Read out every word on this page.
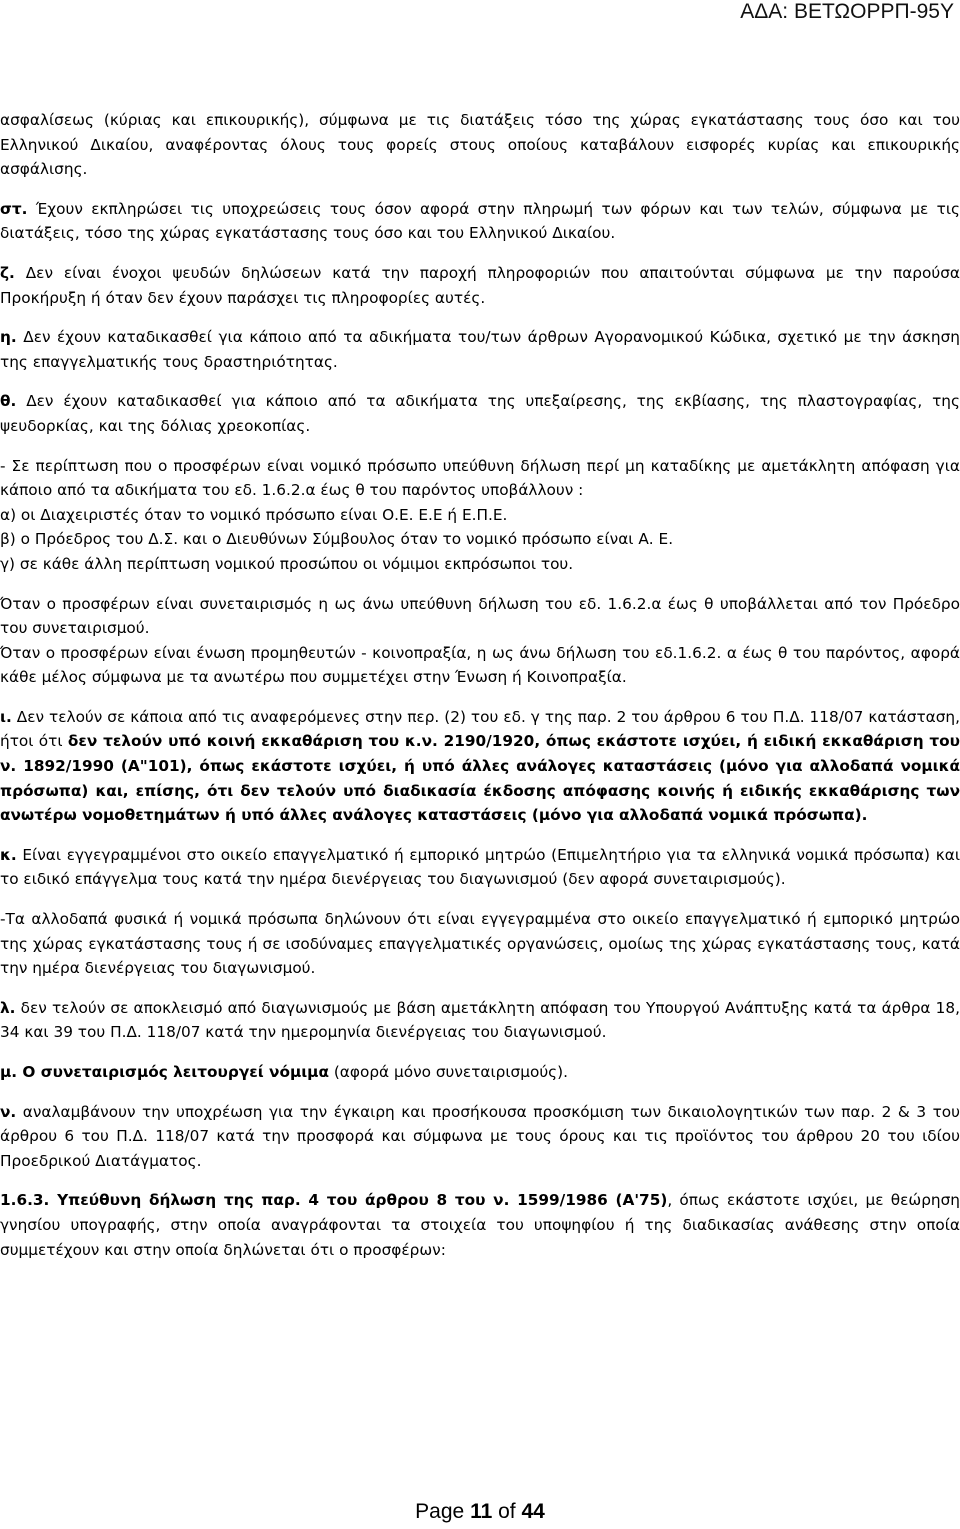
ΑΔΑ: ΒΕΤΩΟΡΡΠ-95Υ

ασφαλίσεως (κύριας και επικουρικής), σύμφωνα με τις διατάξεις τόσο της χώρας εγκατάστασης τους όσο και του Ελληνικού Δικαίου, αναφέροντας όλους τους φορείς στους οποίους καταβάλουν εισφορές κυρίας και επικουρικής ασφάλισης.

στ. Έχουν εκπληρώσει τις υποχρεώσεις τους όσον αφορά στην πληρωμή των φόρων και των τελών, σύμφωνα με τις διατάξεις, τόσο της χώρας εγκατάστασης τους όσο και του Ελληνικού Δικαίου.

ζ. Δεν είναι ένοχοι ψευδών δηλώσεων κατά την παροχή πληροφοριών που απαιτούνται σύμφωνα με την παρούσα Προκήρυξη ή όταν δεν έχουν παράσχει τις πληροφορίες αυτές.

η. Δεν έχουν καταδικασθεί για κάποιο από τα αδικήματα του/των άρθρων Αγορανομικού Κώδικα, σχετικό με την άσκηση της επαγγελματικής τους δραστηριότητας.

θ. Δεν έχουν καταδικασθεί για κάποιο από τα αδικήματα της υπεξαίρεσης, της εκβίασης, της πλαστογραφίας, της ψευδορκίας, και της δόλιας χρεοκοπίας.

- Σε περίπτωση που ο προσφέρων είναι νομικό πρόσωπο υπεύθυνη δήλωση περί μη καταδίκης με αμετάκλητη απόφαση για κάποιο από τα αδικήματα του εδ. 1.6.2.α έως θ του παρόντος υποβάλλουν :
α) οι Διαχειριστές όταν το νομικό πρόσωπο είναι Ο.Ε. Ε.Ε ή Ε.Π.Ε.
β) ο Πρόεδρος του Δ.Σ. και ο Διευθύνων Σύμβουλος όταν το νομικό πρόσωπο είναι Α. Ε.
γ) σε κάθε άλλη περίπτωση νομικού προσώπου οι νόμιμοι εκπρόσωποι του.
Όταν ο προσφέρων είναι συνεταιρισμός η ως άνω υπεύθυνη δήλωση του εδ. 1.6.2.α έως θ υποβάλλεται από τον Πρόεδρο του συνεταιρισμού.
Όταν ο προσφέρων είναι ένωση προμηθευτών - κοινοπραξία, η ως άνω δήλωση του εδ.1.6.2. α έως θ του παρόντος, αφορά κάθε μέλος σύμφωνα με τα ανωτέρω που συμμετέχει στην Ένωση ή Κοινοπραξία.

ι. Δεν τελούν σε κάποια από τις αναφερόμενες στην περ. (2) του εδ. γ της παρ. 2 του άρθρου 6 του Π.Δ. 118/07 κατάσταση, ήτοι ότι δεν τελούν υπό κοινή εκκαθάριση του κ.ν. 2190/1920, όπως εκάστοτε ισχύει, ή ειδική εκκαθάριση του ν. 1892/1990 (Α"101), όπως εκάστοτε ισχύει, ή υπό άλλες ανάλογες καταστάσεις (μόνο για αλλοδαπά νομικά πρόσωπα) και, επίσης, ότι δεν τελούν υπό διαδικασία έκδοσης απόφασης κοινής ή ειδικής εκκαθάρισης των ανωτέρω νομοθετημάτων ή υπό άλλες ανάλογες καταστάσεις (μόνο για αλλοδαπά νομικά πρόσωπα).

κ. Είναι εγγεγραμμένοι στο οικείο επαγγελματικό ή εμπορικό μητρώο (Επιμελητήριο για τα ελληνικά νομικά πρόσωπα) και το ειδικό επάγγελμα τους κατά την ημέρα διενέργειας του διαγωνισμού (δεν αφορά συνεταιρισμούς).

-Τα αλλοδαπά φυσικά ή νομικά πρόσωπα δηλώνουν ότι είναι εγγεγραμμένα στο οικείο επαγγελματικό ή εμπορικό μητρώο της χώρας εγκατάστασης τους ή σε ισοδύναμες επαγγελματικές οργανώσεις, ομοίως της χώρας εγκατάστασης τους, κατά την ημέρα διενέργειας του διαγωνισμού.

λ. δεν τελούν σε αποκλεισμό από διαγωνισμούς με βάση αμετάκλητη απόφαση του Υπουργού Ανάπτυξης κατά τα άρθρα 18, 34 και 39 του Π.Δ. 118/07 κατά την ημερομηνία διενέργειας του διαγωνισμού.

μ. Ο συνεταιρισμός λειτουργεί νόμιμα (αφορά μόνο συνεταιρισμούς).

ν. αναλαμβάνουν την υποχρέωση για την έγκαιρη και προσήκουσα προσκόμιση των δικαιολογητικών των παρ. 2 & 3 του άρθρου 6 του Π.Δ. 118/07 κατά την προσφορά και σύμφωνα με τους όρους και τις προϊόντος του άρθρου 20 του ιδίου Προεδρικού Διατάγματος.

1.6.3. Υπεύθυνη δήλωση της παρ. 4 του άρθρου 8 του ν. 1599/1986 (Α'75), όπως εκάστοτε ισχύει, με θεώρηση γνησίου υπογραφής, στην οποία αναγράφονται τα στοιχεία του υποψηφίου ή της διαδικασίας ανάθεσης στην οποία συμμετέχουν και στην οποία δηλώνεται ότι ο προσφέρων:

Page 11 of 44
